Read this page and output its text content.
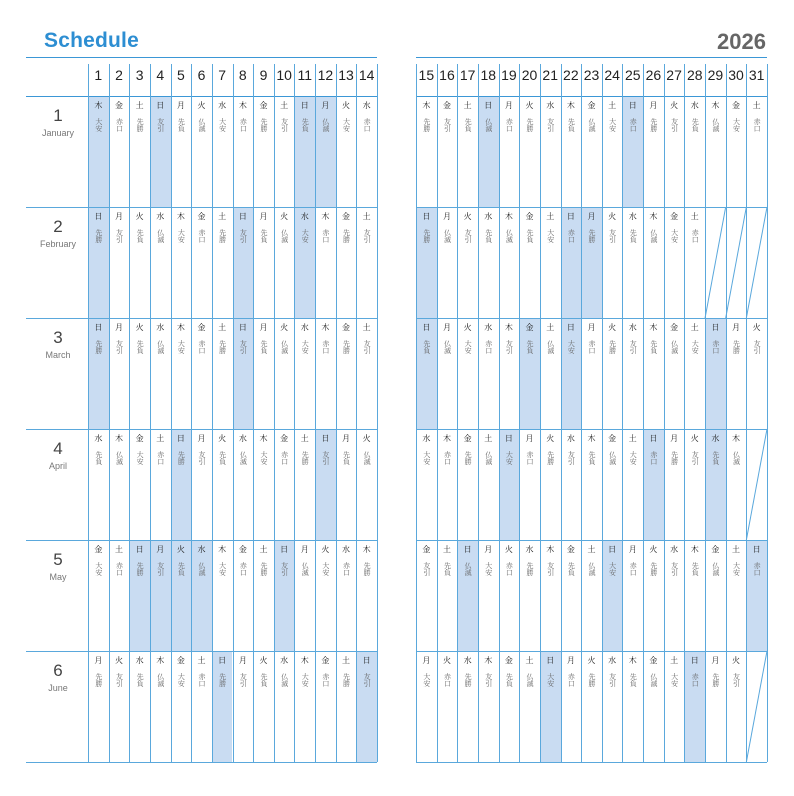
Schedule	2026
1 2 3 4 5 6 7 8 9 10 11 12 13 14	15 16 17 18 19 20 21 22 23 24 25 26 27 28 29 30 31
1
January
木
大安
金
赤口
土
先勝
日
友引
月
先負
火
仏滅
水
大安
木
赤口
金
先勝
土
友引
日
先負
月
仏滅
火
大安
水
赤口
木
先勝
金
友引
土
先負
日
仏滅
月
赤口
火
先勝
水
友引
木
先負
金
仏滅
土
大安
日
赤口
月
先勝
火
友引
水
先負
木
仏滅
金
大安
土
赤口
2
February
日
先勝
月
友引
火
先負
水
仏滅
木
大安
金
赤口
土
先勝
日
友引
月
先負
火
仏滅
水
大安
木
赤口
金
先勝
土
友引
日
先勝
月
仏滅
火
友引
水
先負
木
仏滅
金
先負
土
大安
日
赤口
月
先勝
火
友引
水
先負
木
仏滅
金
大安
土
赤口
3
March
日
先勝
月
友引
火
先負
水
仏滅
木
大安
金
赤口
土
先勝
日
友引
月
先負
火
仏滅
水
大安
木
赤口
金
先勝
土
友引
日
先負
月
仏滅
火
大安
水
赤口
木
友引
金
先負
土
仏滅
日
大安
月
赤口
火
先勝
水
友引
木
先負
金
仏滅
土
大安
日
赤口
月
先勝
火
友引
4
April
水
先負
木
仏滅
金
大安
土
赤口
日
先勝
月
友引
火
先負
水
仏滅
木
大安
金
赤口
土
先勝
日
友引
月
先負
火
仏滅
水
大安
木
赤口
金
先勝
土
仏滅
日
大安
月
赤口
火
先勝
水
友引
木
先負
金
仏滅
土
大安
日
赤口
月
先勝
火
友引
水
先負
木
仏滅
5
May
金
大安
土
赤口
日
先勝
月
友引
火
先負
水
仏滅
木
大安
金
赤口
土
先勝
日
友引
月
仏滅
火
大安
水
赤口
木
先勝
金
友引
土
先負
日
仏滅
月
大安
火
赤口
水
先勝
木
友引
金
先負
土
仏滅
日
大安
月
赤口
火
先勝
水
友引
木
先負
金
仏滅
土
大安
日
赤口
6
June
月
先勝
火
友引
水
先負
木
仏滅
金
大安
土
赤口
日
先勝
月
友引
火
先負
水
仏滅
木
大安
金
赤口
土
先勝
日
友引
月
大安
火
赤口
水
先勝
木
友引
金
先負
土
仏滅
日
大安
月
赤口
火
先勝
水
友引
木
先負
金
仏滅
土
大安
日
赤口
月
先勝
火
友引
